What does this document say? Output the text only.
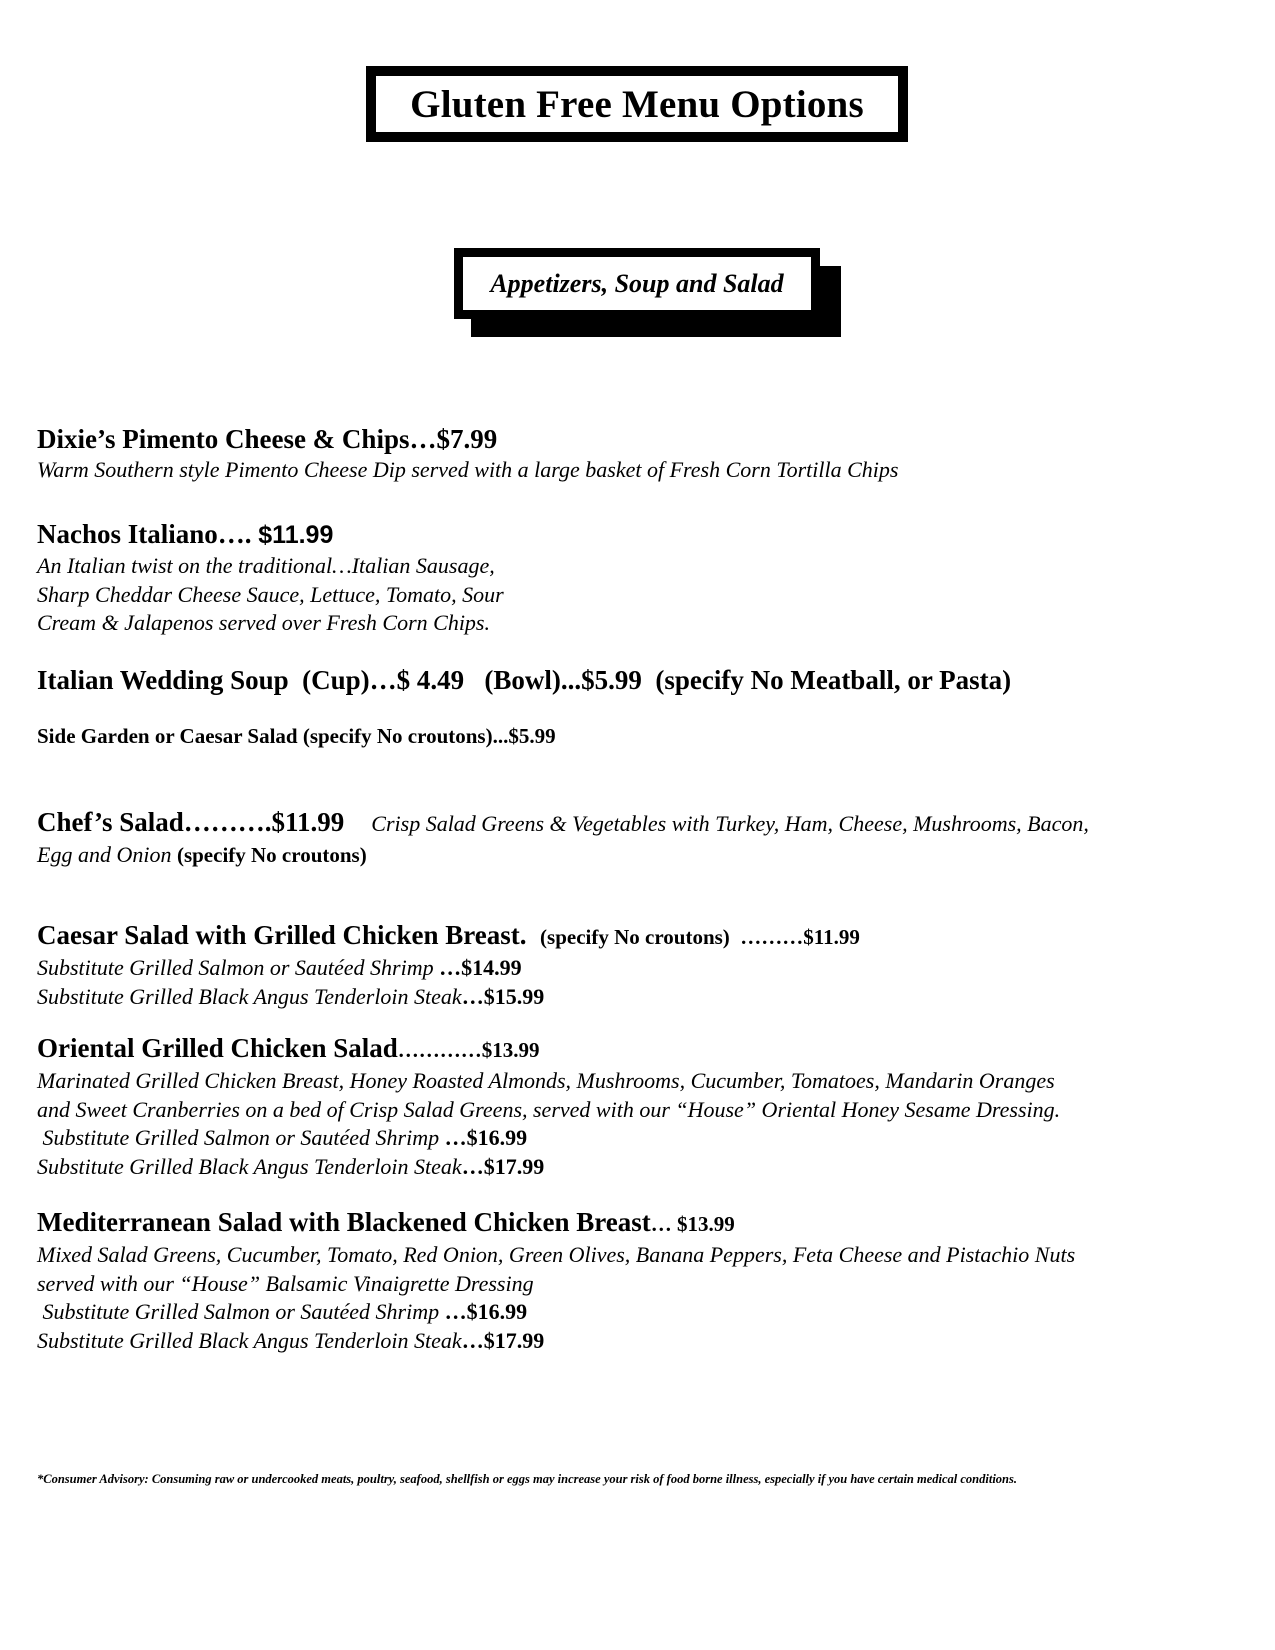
Gluten Free Menu Options
Appetizers, Soup and Salad
Dixie’s Pimento Cheese & Chips…$7.99
Warm Southern style Pimento Cheese Dip served with a large basket of Fresh Corn Tortilla Chips
Nachos Italiano…. $11.99
An Italian twist on the traditional…Italian Sausage,
Sharp Cheddar Cheese Sauce, Lettuce, Tomato, Sour
Cream & Jalapenos served over Fresh Corn Chips.
Italian Wedding Soup  (Cup)…$ 4.49   (Bowl)...$5.99  (specify No Meatball, or Pasta)
Side Garden or Caesar Salad (specify No croutons)...$5.99
Chef’s Salad……….$11.99 Crisp Salad Greens & Vegetables with Turkey, Ham, Cheese, Mushrooms, Bacon,
Egg and Onion (specify No croutons)
Caesar Salad with Grilled Chicken Breast. (specify No croutons)  ………$11.99
Substitute Grilled Salmon or Sautéed Shrimp …$14.99
Substitute Grilled Black Angus Tenderloin Steak…$15.99
Oriental Grilled Chicken Salad…………$13.99
Marinated Grilled Chicken Breast, Honey Roasted Almonds, Mushrooms, Cucumber, Tomatoes, Mandarin Oranges
and Sweet Cranberries on a bed of Crisp Salad Greens, served with our “House” Oriental Honey Sesame Dressing.
Substitute Grilled Salmon or Sautéed Shrimp …$16.99
Substitute Grilled Black Angus Tenderloin Steak…$17.99
Mediterranean Salad with Blackened Chicken Breast… $13.99
Mixed Salad Greens, Cucumber, Tomato, Red Onion, Green Olives, Banana Peppers, Feta Cheese and Pistachio Nuts
served with our “House” Balsamic Vinaigrette Dressing
Substitute Grilled Salmon or Sautéed Shrimp …$16.99
Substitute Grilled Black Angus Tenderloin Steak…$17.99
*Consumer Advisory: Consuming raw or undercooked meats, poultry, seafood, shellfish or eggs may increase your risk of food borne illness, especially if you have certain medical conditions.
